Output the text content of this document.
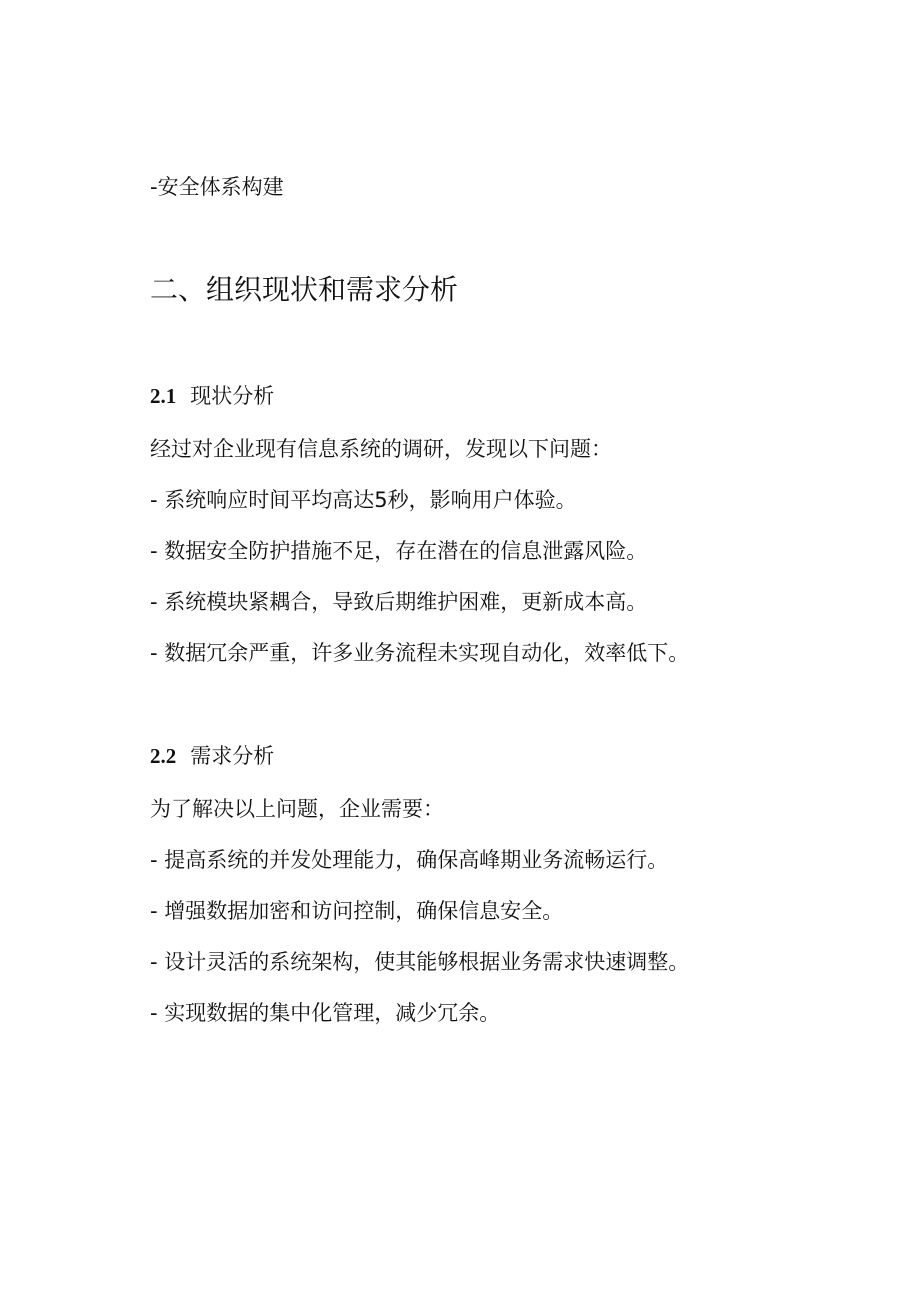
-安全体系构建
二、组织现状和需求分析
2.1 现状分析
经过对企业现有信息系统的调研，发现以下问题：
- 系统响应时间平均高达5秒，影响用户体验。
- 数据安全防护措施不足，存在潜在的信息泄露风险。
- 系统模块紧耦合，导致后期维护困难，更新成本高。
- 数据冗余严重，许多业务流程未实现自动化，效率低下。
2.2 需求分析
为了解决以上问题，企业需要：
- 提高系统的并发处理能力，确保高峰期业务流畅运行。
- 增强数据加密和访问控制，确保信息安全。
- 设计灵活的系统架构，使其能够根据业务需求快速调整。
- 实现数据的集中化管理，减少冗余。
